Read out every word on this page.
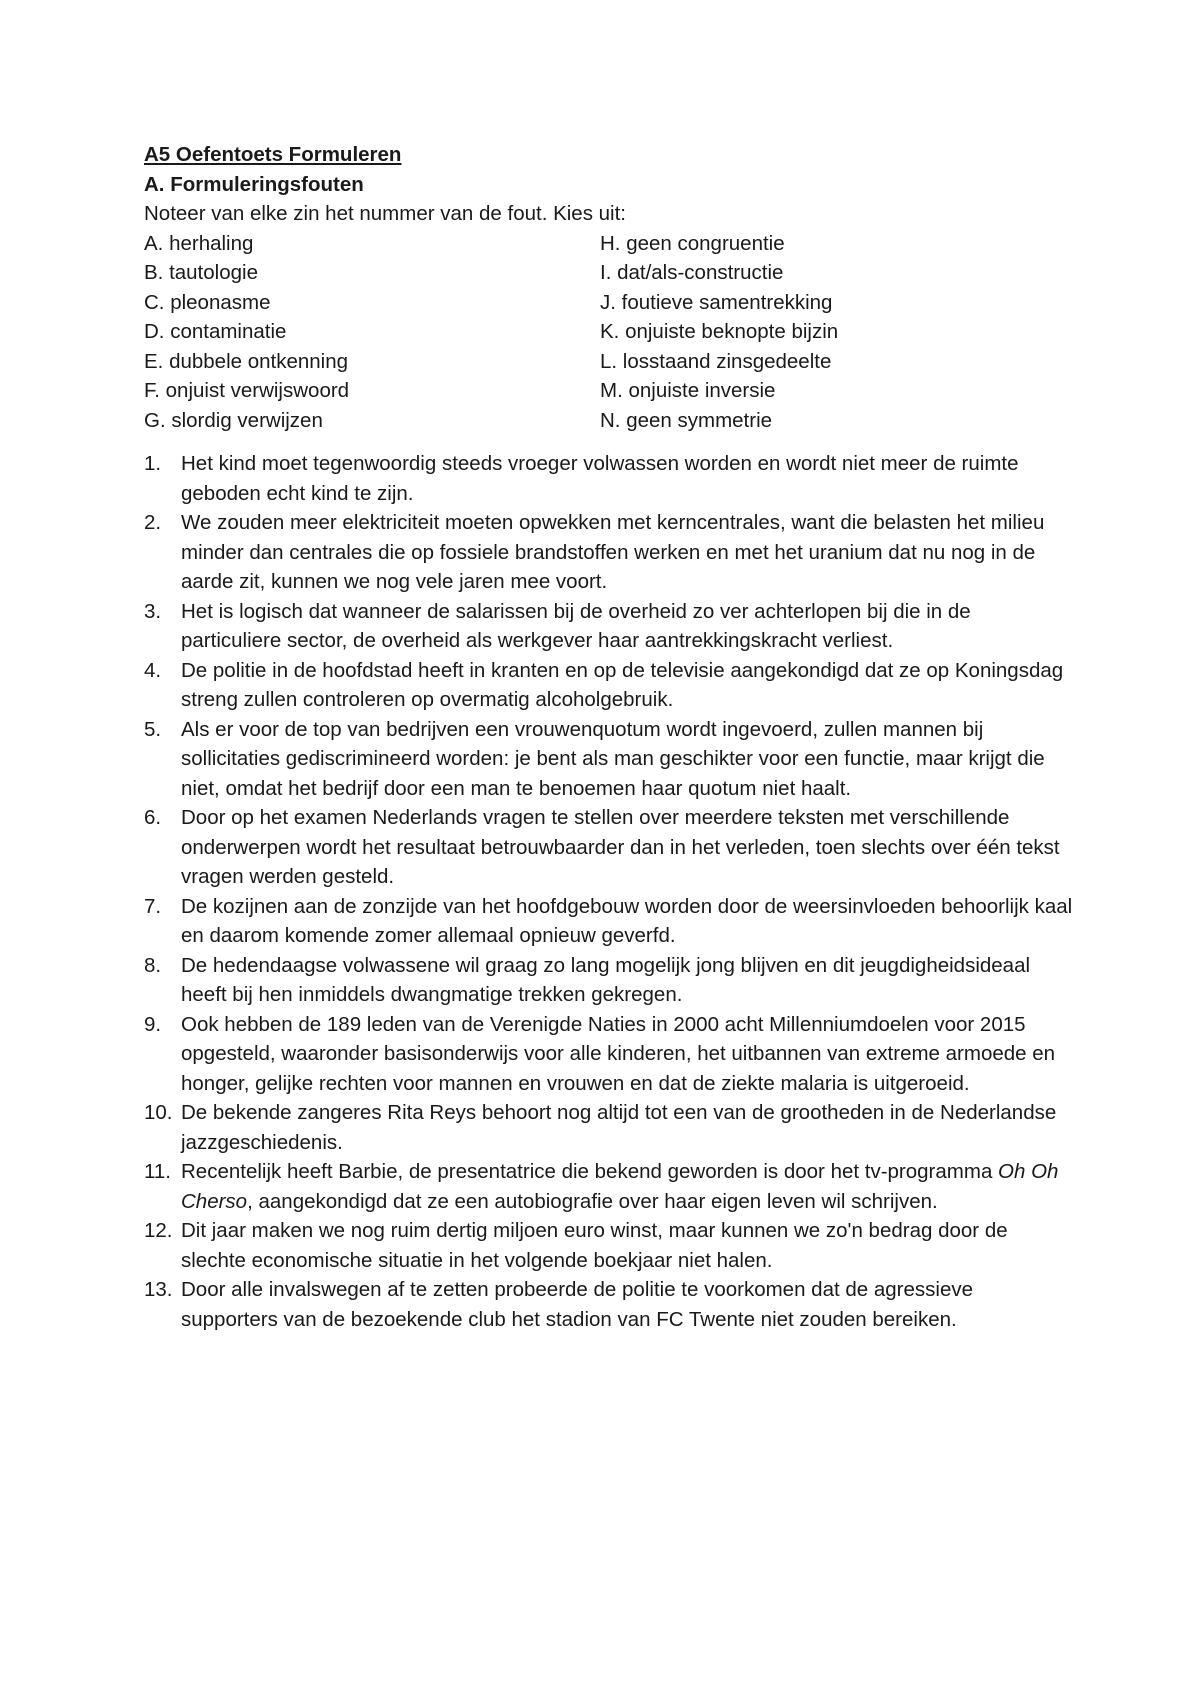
A5 Oefentoets Formuleren

A. Formuleringsfouten

Noteer van elke zin het nummer van de fout. Kies uit:

A. herhaling	H. geen congruentie
B. tautologie	I. dat/als-constructie
C. pleonasme	J. foutieve samentrekking
D. contaminatie	K. onjuiste beknopte bijzin
E. dubbele ontkenning	L. losstaand zinsgedeelte
F. onjuist verwijswoord	M. onjuiste inversie
G. slordig verwijzen	N. geen symmetrie
1. Het kind moet tegenwoordig steeds vroeger volwassen worden en wordt niet meer de ruimte geboden echt kind te zijn.
2. We zouden meer elektriciteit moeten opwekken met kerncentrales, want die belasten het milieu minder dan centrales die op fossiele brandstoffen werken en met het uranium dat nu nog in de aarde zit, kunnen we nog vele jaren mee voort.
3. Het is logisch dat wanneer de salarissen bij de overheid zo ver achterlopen bij die in de particuliere sector, de overheid als werkgever haar aantrekkingskracht verliest.
4. De politie in de hoofdstad heeft in kranten en op de televisie aangekondigd dat ze op Koningsdag streng zullen controleren op overmatig alcoholgebruik.
5. Als er voor de top van bedrijven een vrouwenquotum wordt ingevoerd, zullen mannen bij sollicitaties gediscrimineerd worden: je bent als man geschikter voor een functie, maar krijgt die niet, omdat het bedrijf door een man te benoemen haar quotum niet haalt.
6. Door op het examen Nederlands vragen te stellen over meerdere teksten met verschillende onderwerpen wordt het resultaat betrouwbaarder dan in het verleden, toen slechts over één tekst vragen werden gesteld.
7. De kozijnen aan de zonzijde van het hoofdgebouw worden door de weersinvloeden behoorlijk kaal en daarom komende zomer allemaal opnieuw geverfd.
8. De hedendaagse volwassene wil graag zo lang mogelijk jong blijven en dit jeugdigheidsideaal heeft bij hen inmiddels dwangmatige trekken gekregen.
9. Ook hebben de 189 leden van de Verenigde Naties in 2000 acht Millenniumdoelen voor 2015 opgesteld, waaronder basisonderwijs voor alle kinderen, het uitbannen van extreme armoede en honger, gelijke rechten voor mannen en vrouwen en dat de ziekte malaria is uitgeroeid.
10. De bekende zangeres Rita Reys behoort nog altijd tot een van de grootheden in de Nederlandse jazzgeschiedenis.
11. Recentelijk heeft Barbie, de presentatrice die bekend geworden is door het tv-programma Oh Oh Cherso, aangekondigd dat ze een autobiografie over haar eigen leven wil schrijven.
12. Dit jaar maken we nog ruim dertig miljoen euro winst, maar kunnen we zo'n bedrag door de slechte economische situatie in het volgende boekjaar niet halen.
13. Door alle invalswegen af te zetten probeerde de politie te voorkomen dat de agressieve supporters van de bezoekende club het stadion van FC Twente niet zouden bereiken.
